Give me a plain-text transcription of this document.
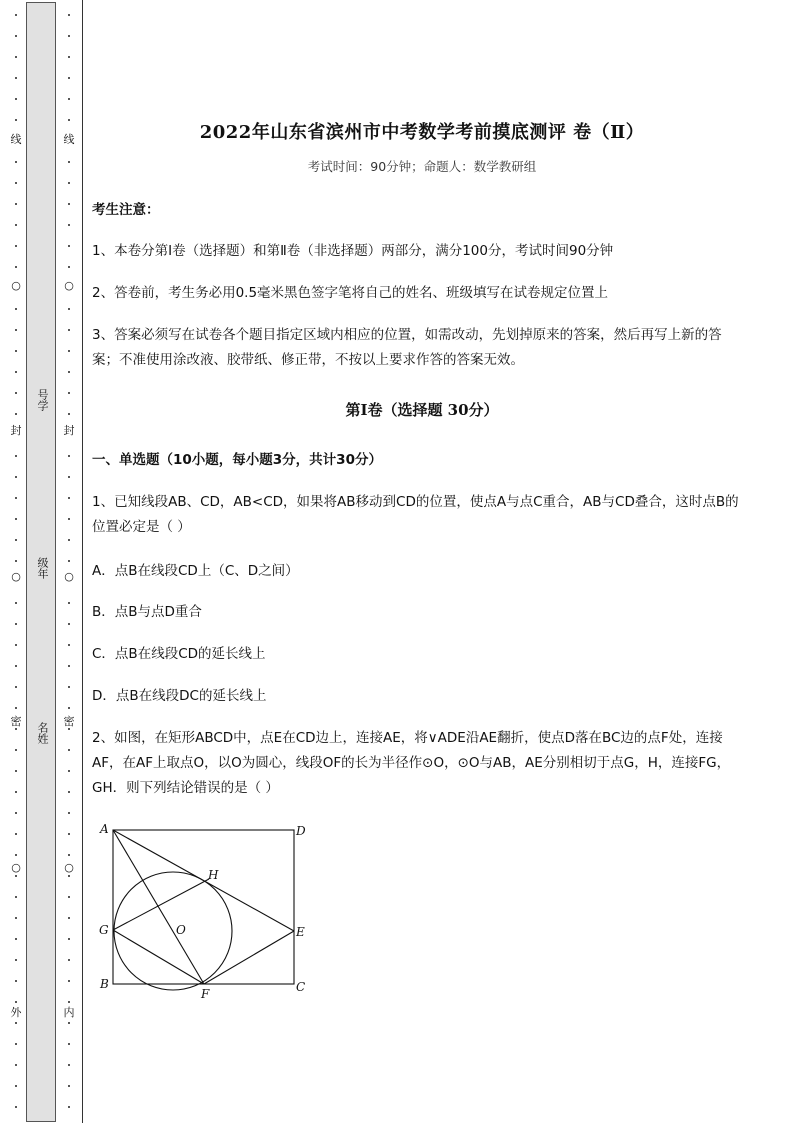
线
○
封
○
密
○
外
号学
级年
名姓
线
○
封
○
密
○
内
2022年山东省滨州市中考数学考前摸底测评 卷（Ⅱ）
考试时间：90分钟；命题人：数学教研组
考生注意：
1、本卷分第Ⅰ卷（选择题）和第Ⅱ卷（非选择题）两部分，满分100分，考试时间90分钟
2、答卷前，考生务必用0.5毫米黑色签字笔将自己的姓名、班级填写在试卷规定位置上
3、答案必须写在试卷各个题目指定区域内相应的位置，如需改动，先划掉原来的答案，然后再写上新的答案；不准使用涂改液、胶带纸、修正带，不按以上要求作答的答案无效。
第Ⅰ卷（选择题 30分）
一、单选题（10小题，每小题3分，共计30分）
1、已知线段AB、CD，AB<CD，如果将AB移动到CD的位置，使点A与点C重合，AB与CD叠合，这时点B的位置必定是（ ）
A．点B在线段CD上（C、D之间）
B．点B与点D重合
C．点B在线段CD的延长线上
D．点B在线段DC的延长线上
2、如图，在矩形ABCD中，点E在CD边上，连接AE，将∨ADE沿AE翻折，使点D落在BC边的点F处，连接AF，在AF上取点O，以O为圆心，线段OF的长为半径作⊙O，⊙O与AB，AE分别相切于点G，H，连接FG，GH．则下列结论错误的是（ ）
A	D
G	E
B	C
F
H
O
